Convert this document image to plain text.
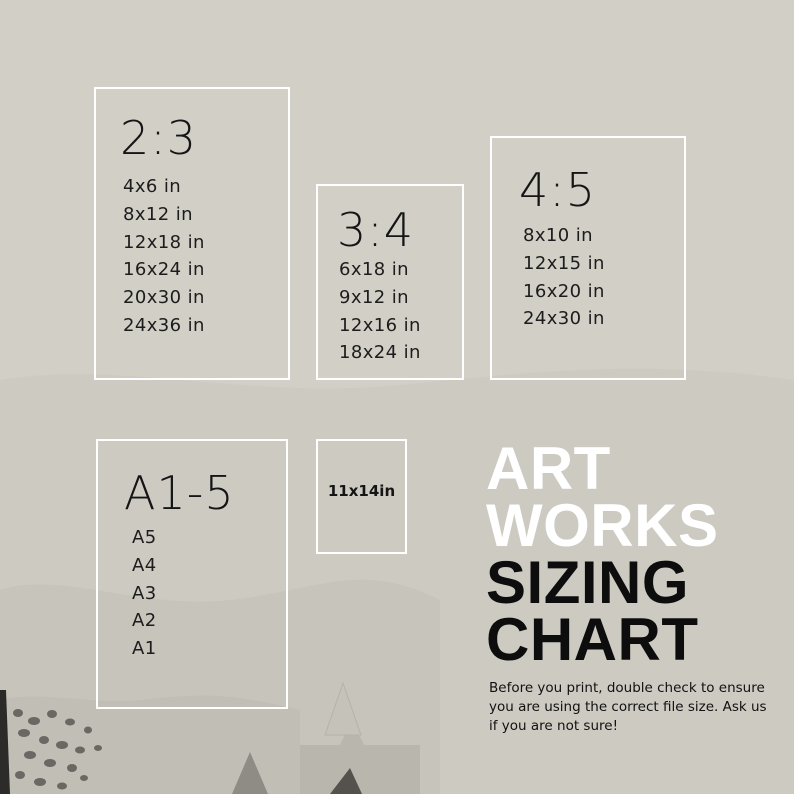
2:3
4x6 in
8x12 in
12x18 in
16x24 in
20x30 in
24x36 in
3:4
6x18 in
9x12 in
12x16 in
18x24 in
4:5
8x10 in
12x15 in
16x20 in
24x30 in
A1-5
A5
A4
A3
A2
A1
11x14in ART
WORKS
SIZING
CHART
Before you print, double check to ensure you are using the correct file size. Ask us if you are not sure!
